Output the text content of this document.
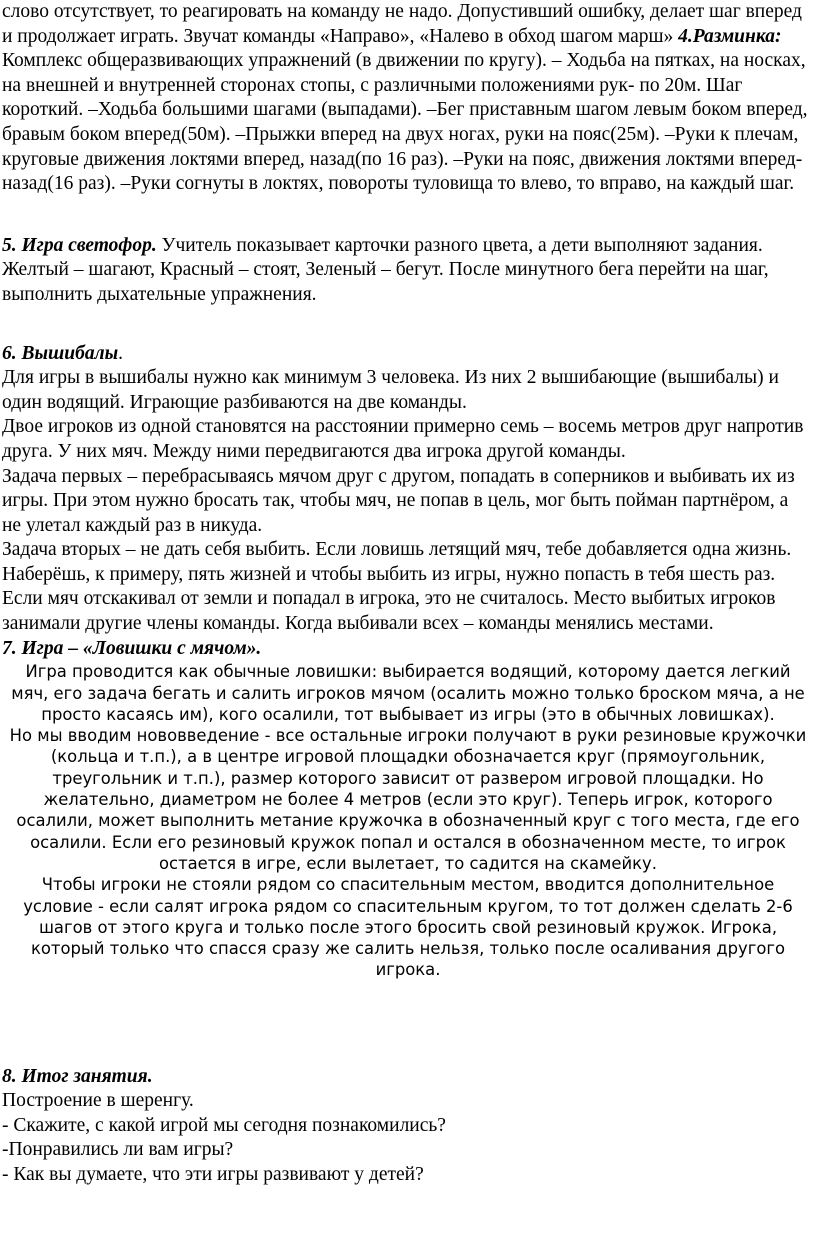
слово отсутствует, то реагировать на команду не надо. Допустивший ошибку, делает шаг вперед и продолжает играть. Звучат команды «Направо», «Налево в обход шагом марш» 4.Разминка: Комплекс общеразвивающих упражнений (в движении по кругу). – Ходьба на пятках, на носках, на внешней и внутренней сторонах стопы, с различными положениями рук- по 20м. Шаг короткий. –Ходьба большими шагами (выпадами). –Бег приставным шагом левым боком вперед, бравым боком вперед(50м). –Прыжки вперед на двух ногах, руки на пояс(25м). –Руки к плечам, круговые движения локтями вперед, назад(по 16 раз). –Руки на пояс, движения локтями вперед-назад(16 раз). –Руки согнуты в локтях, повороты туловища то влево, то вправо, на каждый шаг.

5. Игра светофор. Учитель показывает карточки разного цвета, а дети выполняют задания. Желтый – шагают, Красный – стоят, Зеленый – бегут. После минутного бега перейти на шаг, выполнить дыхательные упражнения.

6. Вышибалы.

Для игры в вышибалы нужно как минимум 3 человека. Из них 2 вышибающие (вышибалы) и один водящий. Играющие разбиваются на две команды.

Двое игроков из одной становятся на расстоянии примерно семь – восемь метров друг напротив друга. У них мяч. Между ними передвигаются два игрока другой команды.

Задача первых – перебрасываясь мячом друг с другом, попадать в соперников и выбивать их из игры. При этом нужно бросать так, чтобы мяч, не попав в цель, мог быть пойман партнёром, а не улетал каждый раз в никуда.

Задача вторых – не дать себя выбить. Если ловишь летящий мяч, тебе добавляется одна жизнь. Наберёшь, к примеру, пять жизней и чтобы выбить из игры, нужно попасть в тебя шесть раз. Если мяч отскакивал от земли и попадал в игрока, это не считалось. Место выбитых игроков занимали другие члены команды. Когда выбивали всех – команды менялись местами.

7. Игра – «Ловишки с мячом».

Игра проводится как обычные ловишки: выбирается водящий, которому дается легкий мяч, его задача бегать и салить игроков мячом (осалить можно только броском мяча, а не просто касаясь им), кого осалили, тот выбывает из игры (это в обычных ловишках).

Но мы вводим нововведение - все остальные игроки получают в руки резиновые кружочки (кольца и т.п.), а в центре игровой площадки обозначается круг (прямоугольник, треугольник и т.п.), размер которого зависит от развером игровой площадки. Но желательно, диаметром не более 4 метров (если это круг). Теперь игрок, которого осалили, может выполнить метание кружочка в обозначенный круг с того места, где его осалили. Если его резиновый кружок попал и остался в обозначенном месте, то игрок остается в игре, если вылетает, то садится на скамейку.

Чтобы игроки не стояли рядом со спасительным местом, вводится дополнительное условие - если салят игрока рядом со спасительным кругом, то тот должен сделать 2-6 шагов от этого круга и только после этого бросить свой резиновый кружок. Игрока, который только что спасся сразу же салить нельзя, только после осаливания другого игрока.

8. Итог занятия.

Построение в шеренгу.

- Скажите, с какой игрой мы сегодня познакомились?

-Понравились ли вам игры?

- Как вы думаете, что эти игры развивают у детей?
